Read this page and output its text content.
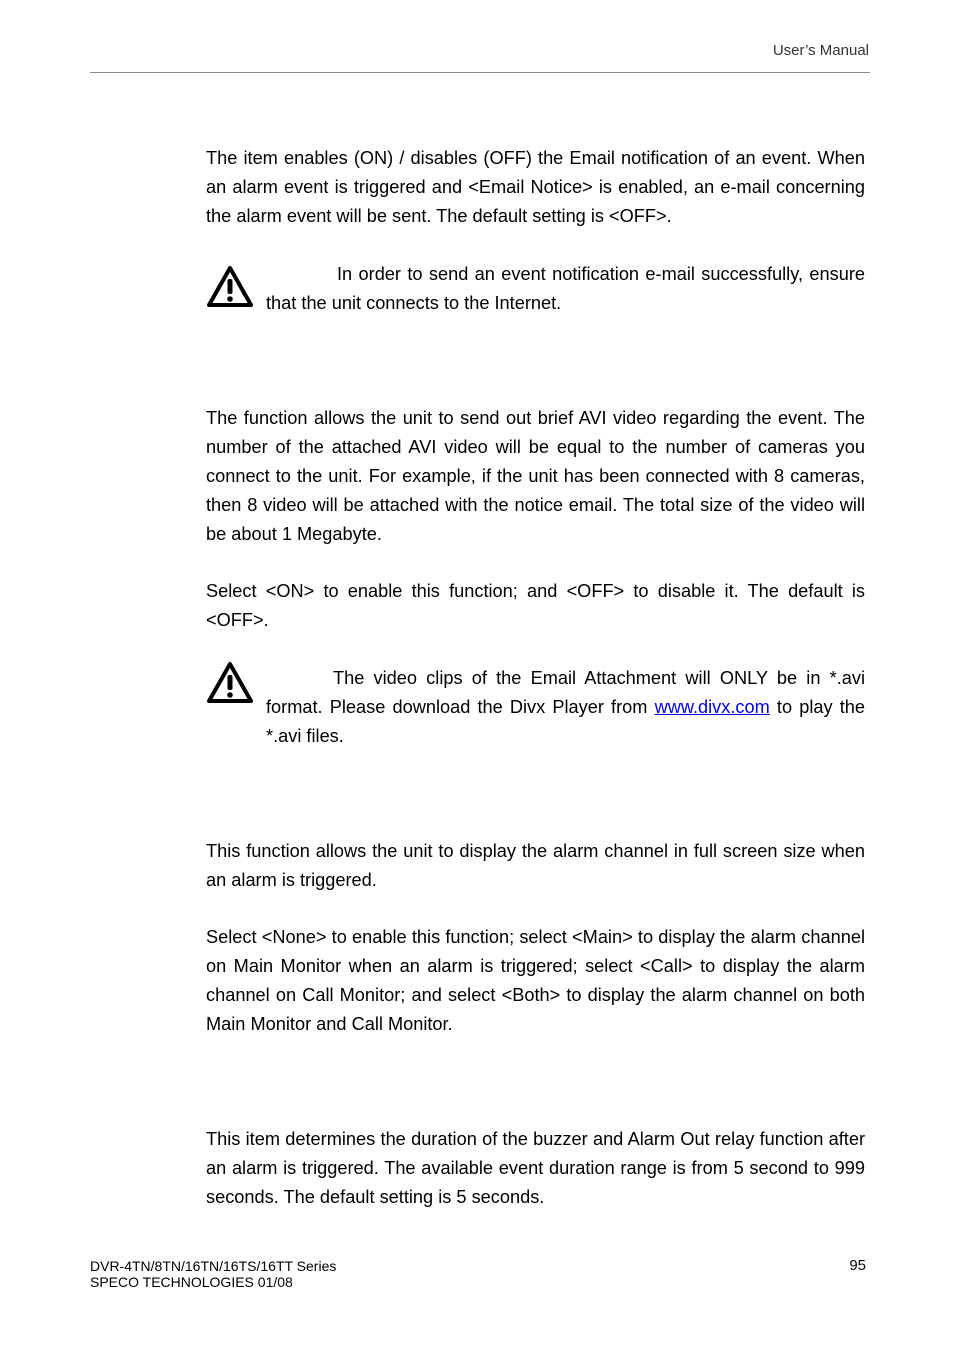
User’s Manual

The item enables (ON) / disables (OFF) the Email notification of an event. When an alarm event is triggered and <Email Notice> is enabled, an e-mail concerning the alarm event will be sent. The default setting is <OFF>.

In order to send an event notification e-mail successfully, ensure that the unit connects to the Internet.

The function allows the unit to send out brief AVI video regarding the event. The number of the attached AVI video will be equal to the number of cameras you connect to the unit. For example, if the unit has been connected with 8 cameras, then 8 video will be attached with the notice email. The total size of the video will be about 1 Megabyte.

Select <ON> to enable this function; and <OFF> to disable it. The default is <OFF>.

The video clips of the Email Attachment will ONLY be in *.avi format. Please download the Divx Player from www.divx.com to play the *.avi files.

This function allows the unit to display the alarm channel in full screen size when an alarm is triggered.

Select <None> to enable this function; select <Main> to display the alarm channel on Main Monitor when an alarm is triggered; select <Call> to display the alarm channel on Call Monitor; and select <Both> to display the alarm channel on both Main Monitor and Call Monitor.

This item determines the duration of the buzzer and Alarm Out relay function after an alarm is triggered. The available event duration range is from 5 second to 999 seconds. The default setting is 5 seconds.

DVR-4TN/8TN/16TN/16TS/16TT Series
SPECO TECHNOLOGIES 01/08
95
